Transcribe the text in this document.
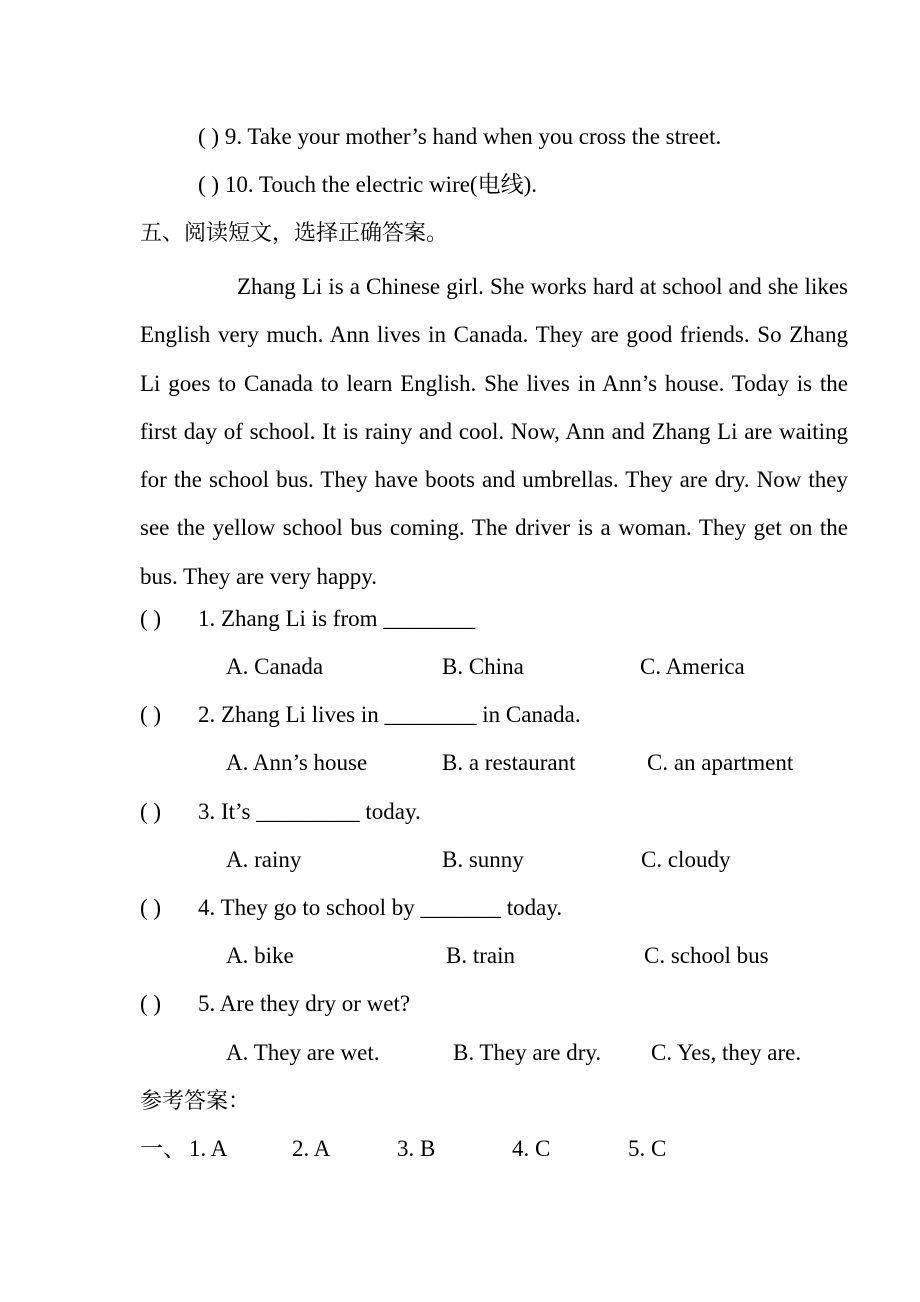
( ) 9. Take your mother’s hand when you cross the street.
( ) 10. Touch the electric wire(电线).
五、阅读短文，选择正确答案。

Zhang Li is a Chinese girl. She works hard at school and she likes English very much. Ann lives in Canada. They are good friends. So Zhang Li goes to Canada to learn English. She lives in Ann’s house. Today is the first day of school. It is rainy and cool. Now, Ann and Zhang Li are waiting for the school bus. They have boots and umbrellas. They are dry. Now they see the yellow school bus coming. The driver is a woman. They get on the bus. They are very happy.

( ) 1. Zhang Li is from ________
A. Canada	B. China	C. America
( ) 2. Zhang Li lives in ________ in Canada.
A. Ann’s house	B. a restaurant	C. an apartment
( ) 3. It’s _________ today.
A. rainy	B. sunny	C. cloudy
( ) 4. They go to school by _______ today.
A. bike	B. train	C. school bus
( ) 5. Are they dry or wet?
A. They are wet.	B. They are dry. C. Yes, they are.
参考答案：
一、 1. A	2. A	3. B	4. C	5. C
